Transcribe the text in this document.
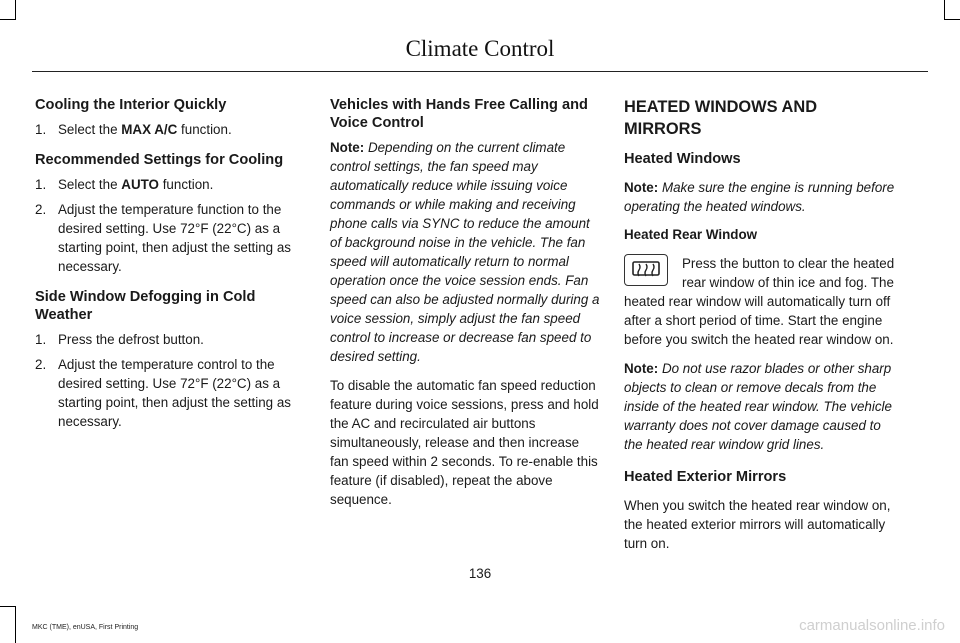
Climate Control
Cooling the Interior Quickly
1. Select the MAX A/C function.
Recommended Settings for Cooling
1. Select the AUTO function.
2. Adjust the temperature function to the desired setting. Use 72°F (22°C) as a starting point, then adjust the setting as necessary.
Side Window Defogging in Cold Weather
1. Press the defrost button.
2. Adjust the temperature control to the desired setting. Use 72°F (22°C) as a starting point, then adjust the setting as necessary.
Vehicles with Hands Free Calling and Voice Control

Note: Depending on the current climate control settings, the fan speed may automatically reduce while issuing voice commands or while making and receiving phone calls via SYNC to reduce the amount of background noise in the vehicle. The fan speed will automatically return to normal operation once the voice session ends. Fan speed can also be adjusted normally during a voice session, simply adjust the fan speed control to increase or decrease fan speed to desired setting.

To disable the automatic fan speed reduction feature during voice sessions, press and hold the AC and recirculated air buttons simultaneously, release and then increase fan speed within 2 seconds. To re-enable this feature (if disabled), repeat the above sequence.

HEATED WINDOWS AND MIRRORS
Heated Windows

Note: Make sure the engine is running before operating the heated windows.

Heated Rear Window

Press the button to clear the heated rear window of thin ice and fog. The heated rear window will automatically turn off after a short period of time. Start the engine before you switch the heated rear window on.

Note: Do not use razor blades or other sharp objects to clean or remove decals from the inside of the heated rear window. The vehicle warranty does not cover damage caused to the heated rear window grid lines.

Heated Exterior Mirrors

When you switch the heated rear window on, the heated exterior mirrors will automatically turn on.

136
MKC (TME), enUSA, First Printing	carmanualsonline.info
